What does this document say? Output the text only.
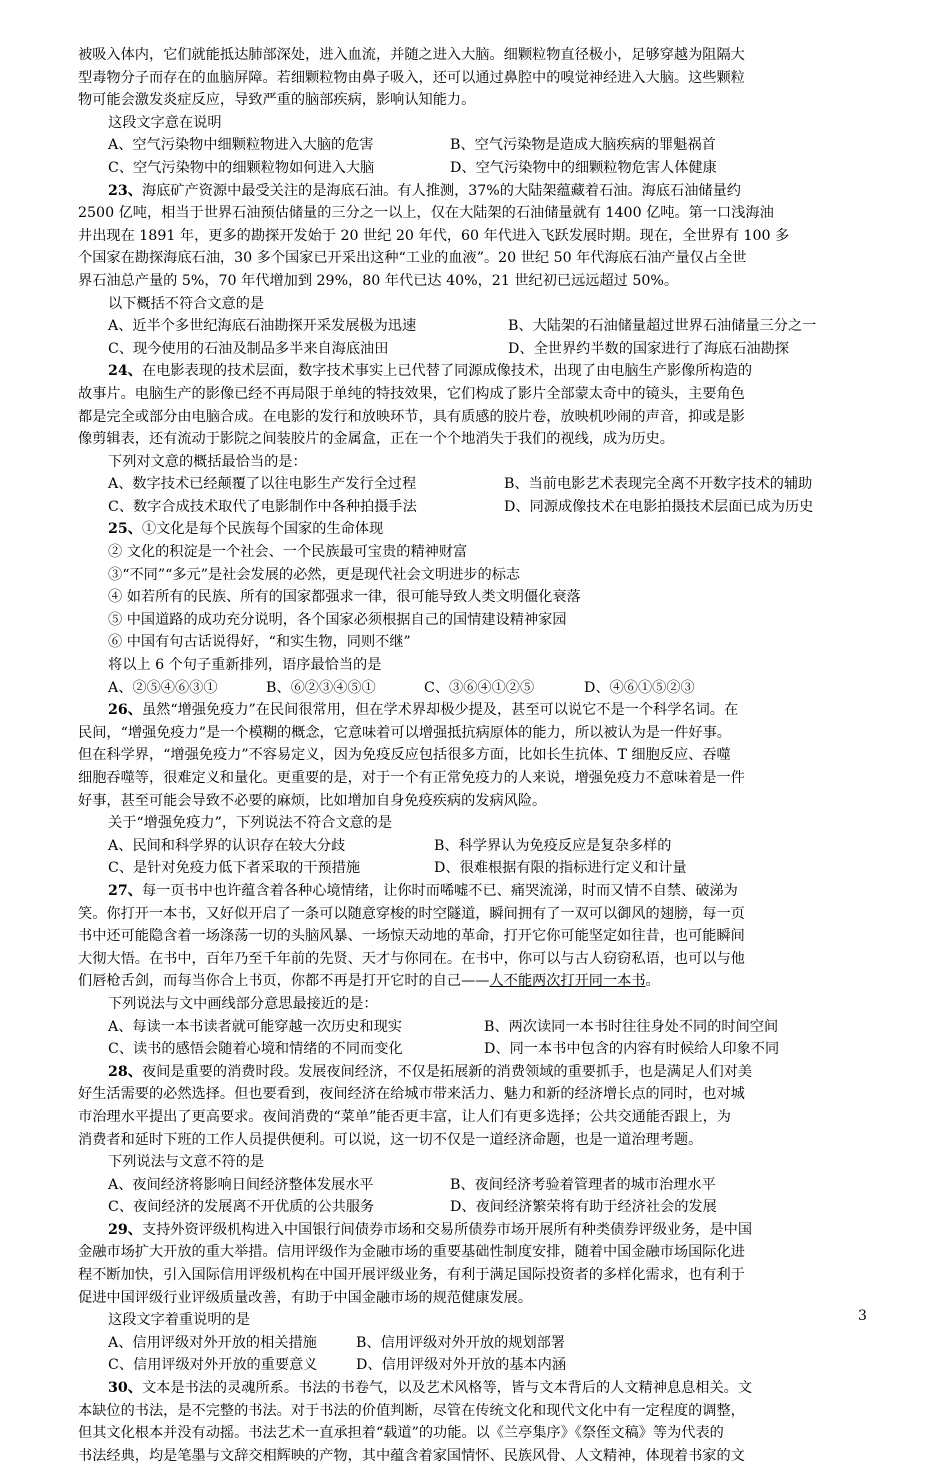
被吸入体内，它们就能抵达肺部深处，进入血流，并随之进入大脑。细颗粒物直径极小，足够穿越为阻隔大
型毒物分子而存在的血脑屏障。若细颗粒物由鼻子吸入，还可以通过鼻腔中的嗅觉神经进入大脑。这些颗粒
物可能会激发炎症反应，导致严重的脑部疾病，影响认知能力。
这段文字意在说明
A、空气污染物中细颗粒物进入大脑的危害	B、空气污染物是造成大脑疾病的罪魁祸首
C、空气污染物中的细颗粒物如何进入大脑	D、空气污染物中的细颗粒物危害人体健康
23、海底矿产资源中最受关注的是海底石油。有人推测，37%的大陆架蕴藏着石油。海底石油储量约
2500 亿吨，相当于世界石油预估储量的三分之一以上，仅在大陆架的石油储量就有 1400 亿吨。第一口浅海油
井出现在 1891 年，更多的勘探开发始于 20 世纪 20 年代，60 年代进入飞跃发展时期。现在，全世界有 100 多
个国家在勘探海底石油，30 多个国家已开采出这种“工业的血液”。20 世纪 50 年代海底石油产量仅占全世
界石油总产量的 5%，70 年代增加到 29%，80 年代已达 40%，21 世纪初已远远超过 50%。
以下概括不符合文意的是
A、近半个多世纪海底石油勘探开采发展极为迅速	B、大陆架的石油储量超过世界石油储量三分之一
C、现今使用的石油及制品多半来自海底油田	D、全世界约半数的国家进行了海底石油勘探
24、在电影表现的技术层面，数字技术事实上已代替了同源成像技术，出现了由电脑生产影像所构造的
故事片。电脑生产的影像已经不再局限于单纯的特技效果，它们构成了影片全部蒙太奇中的镜头，主要角色
都是完全或部分由电脑合成。在电影的发行和放映环节，具有质感的胶片卷，放映机吵闹的声音，抑或是影
像剪辑表，还有流动于影院之间装胶片的金属盒，正在一个个地消失于我们的视线，成为历史。
下列对文意的概括最恰当的是：
A、数字技术已经颠覆了以往电影生产发行全过程	B、当前电影艺术表现完全离不开数字技术的辅助
C、数字合成技术取代了电影制作中各种拍摄手法	D、同源成像技术在电影拍摄技术层面已成为历史
25、①文化是每个民族每个国家的生命体现
② 文化的积淀是一个社会、一个民族最可宝贵的精神财富
③“不同”“多元”是社会发展的必然，更是现代社会文明进步的标志
④ 如若所有的民族、所有的国家都强求一律，很可能导致人类文明僵化衰落
⑤ 中国道路的成功充分说明，各个国家必须根据自己的国情建设精神家园
⑥ 中国有句古话说得好，“和实生物，同则不继”
将以上 6 个句子重新排列，语序最恰当的是
A、②⑤④⑥③①	B、⑥②③④⑤①	C、③⑥④①②⑤	D、④⑥①⑤②③
26、虽然“增强免疫力”在民间很常用，但在学术界却极少提及，甚至可以说它不是一个科学名词。在
民间，“增强免疫力”是一个模糊的概念，它意味着可以增强抵抗病原体的能力，所以被认为是一件好事。
但在科学界，“增强免疫力”不容易定义，因为免疫反应包括很多方面，比如长生抗体、T 细胞反应、吞噬
细胞吞噬等，很难定义和量化。更重要的是，对于一个有正常免疫力的人来说，增强免疫力不意味着是一件
好事，甚至可能会导致不必要的麻烦，比如增加自身免疫疾病的发病风险。
关于“增强免疫力”，下列说法不符合文意的是
A、民间和科学界的认识存在较大分歧	B、科学界认为免疫反应是复杂多样的
C、是针对免疫力低下者采取的干预措施	D、很难根据有限的指标进行定义和计量
27、每一页书中也许蕴含着各种心境情绪，让你时而唏嘘不已、痛哭流涕，时而又情不自禁、破涕为
笑。你打开一本书，又好似开启了一条可以随意穿梭的时空隧道，瞬间拥有了一双可以御风的翅膀，每一页
书中还可能隐含着一场涤荡一切的头脑风暴、一场惊天动地的革命，打开它你可能坚定如往昔，也可能瞬间
大彻大悟。在书中，百年乃至千年前的先贤、天才与你同在。在书中，你可以与古人窃窃私语，也可以与他
们唇枪舌剑，而每当你合上书页，你都不再是打开它时的自己——人不能两次打开同一本书。
下列说法与文中画线部分意思最接近的是：
A、每读一本书读者就可能穿越一次历史和现实	B、两次读同一本书时往往身处不同的时间空间
C、读书的感悟会随着心境和情绪的不同而变化	D、同一本书中包含的内容有时候给人印象不同
28、夜间是重要的消费时段。发展夜间经济，不仅是拓展新的消费领域的重要抓手，也是满足人们对美
好生活需要的必然选择。但也要看到，夜间经济在给城市带来活力、魅力和新的经济增长点的同时，也对城
市治理水平提出了更高要求。夜间消费的“菜单”能否更丰富，让人们有更多选择；公共交通能否跟上，为
消费者和延时下班的工作人员提供便利。可以说，这一切不仅是一道经济命题，也是一道治理考题。
下列说法与文意不符的是
A、夜间经济将影响日间经济整体发展水平	B、夜间经济考验着管理者的城市治理水平
C、夜间经济的发展离不开优质的公共服务	D、夜间经济繁荣将有助于经济社会的发展
29、支持外资评级机构进入中国银行间债券市场和交易所债券市场开展所有种类债券评级业务，是中国
金融市场扩大开放的重大举措。信用评级作为金融市场的重要基础性制度安排，随着中国金融市场国际化进
程不断加快，引入国际信用评级机构在中国开展评级业务，有利于满足国际投资者的多样化需求，也有利于
促进中国评级行业评级质量改善，有助于中国金融市场的规范健康发展。
这段文字着重说明的是
A、信用评级对外开放的相关措施	B、信用评级对外开放的规划部署
C、信用评级对外开放的重要意义	D、信用评级对外开放的基本内涵
30、文本是书法的灵魂所系。书法的书卷气，以及艺术风格等，皆与文本背后的人文精神息息相关。文
本缺位的书法，是不完整的书法。对于书法的价值判断，尽管在传统文化和现代文化中有一定程度的调整，
但其文化根本并没有动摇。书法艺术一直承担着“载道”的功能。以《兰亭集序》《祭侄文稿》等为代表的
书法经典，均是笔墨与文辞交相辉映的产物，其中蕴含着家国情怀、民族风骨、人文精神，体现着书家的文
3
